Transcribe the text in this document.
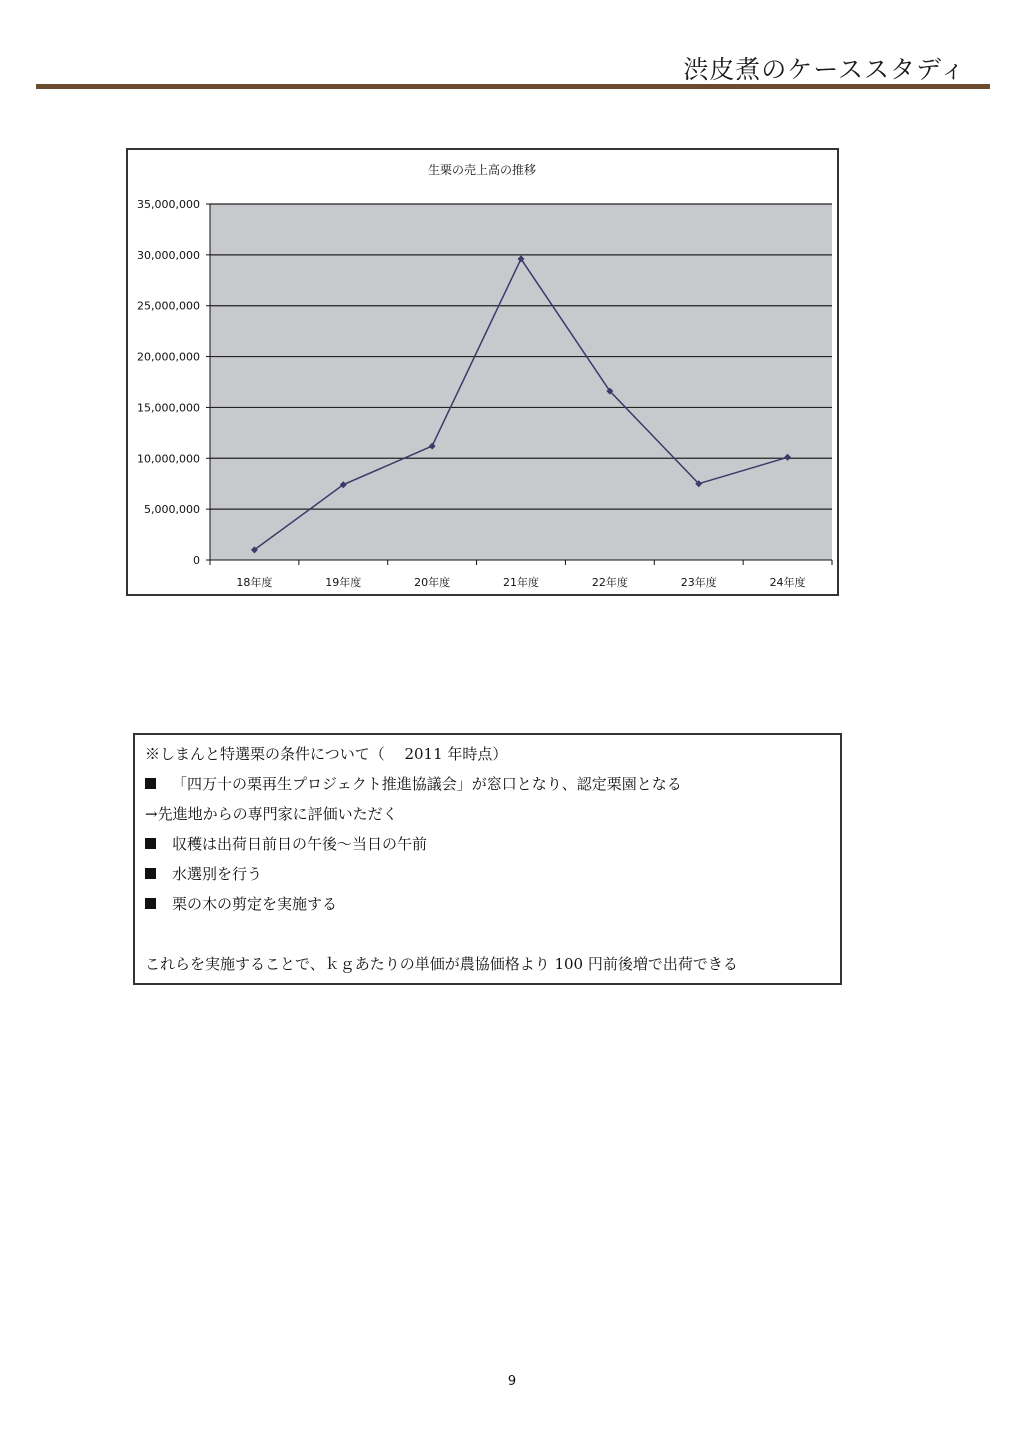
渋皮煮のケーススタディ
生栗の売上高の推移
0
5,000,000
10,000,000
15,000,000
20,000,000
25,000,000
30,000,000
35,000,000
18年度	19年度	20年度	21年度	22年度	23年度	24年度
※しまんと特選栗の条件について（　 2011 年時点）
「四万十の栗再生プロジェクト推進協議会」が窓口となり、認定栗園となる
→先進地からの専門家に評価いただく
収穫は出荷日前日の午後～当日の午前
水選別を行う
栗の木の剪定を実施する
これらを実施することで、ｋｇあたりの単価が農協価格より 100 円前後増で出荷できる
9
